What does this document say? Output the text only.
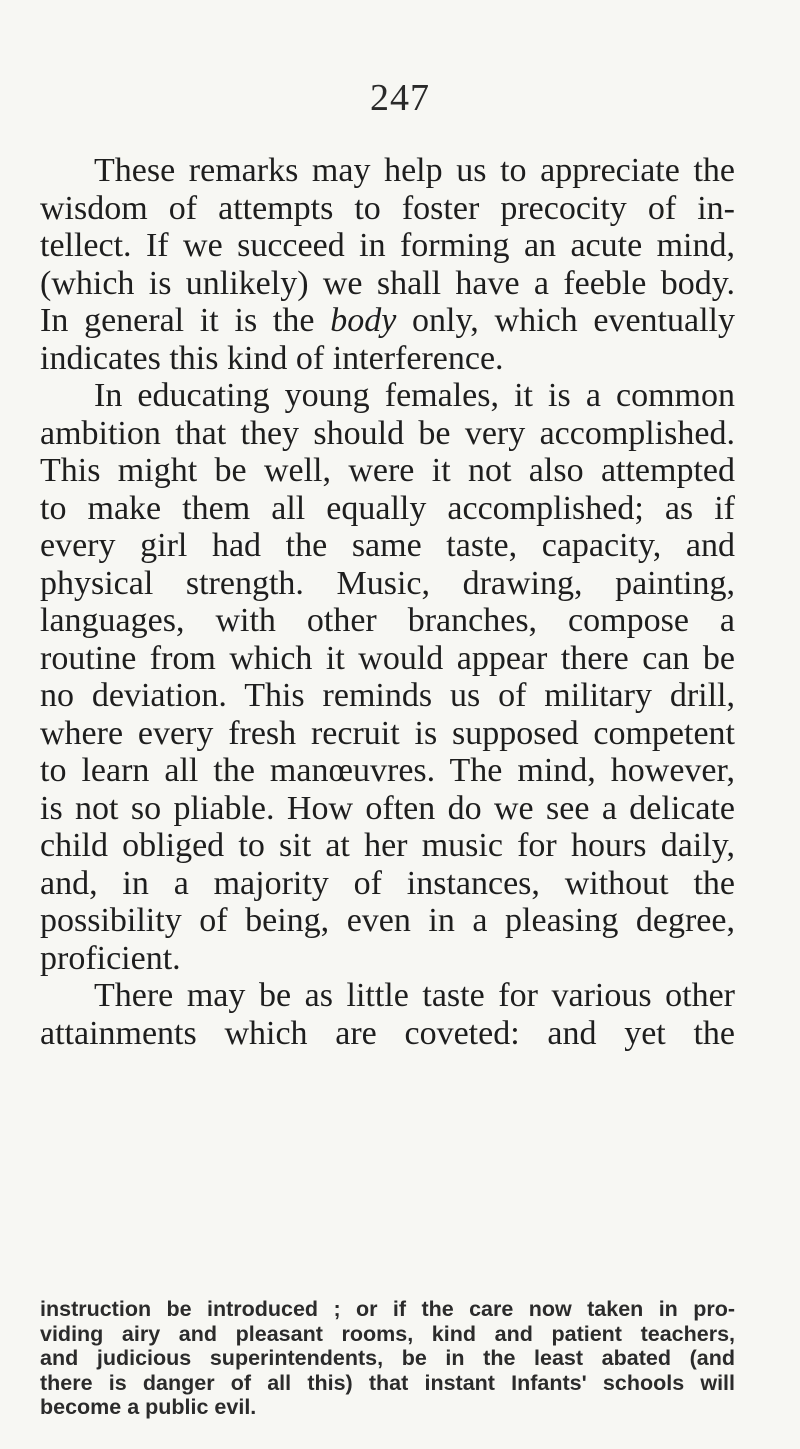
247

These remarks may help us to appreciate the
wisdom of attempts to foster precocity of in-
tellect. If we succeed in forming an acute mind,
(which is unlikely) we shall have a feeble body.
In general it is the body only, which eventually
indicates this kind of interference.

In educating young females, it is a common
ambition that they should be very accomplished.
This might be well, were it not also attempted
to make them all equally accomplished; as if
every girl had the same taste, capacity, and
physical strength. Music, drawing, painting,
languages, with other branches, compose a
routine from which it would appear there can be
no deviation. This reminds us of military drill,
where every fresh recruit is supposed competent
to learn all the manœuvres. The mind, however,
is not so pliable. How often do we see a delicate
child obliged to sit at her music for hours daily,
and, in a majority of instances, without the
possibility of being, even in a pleasing degree,
proficient.

There may be as little taste for various other
attainments which are coveted: and yet the

instruction be introduced ; or if the care now taken in pro-
viding airy and pleasant rooms, kind and patient teachers,
and judicious superintendents, be in the least abated (and
there is danger of all this) that instant Infants' schools will
become a public evil.
